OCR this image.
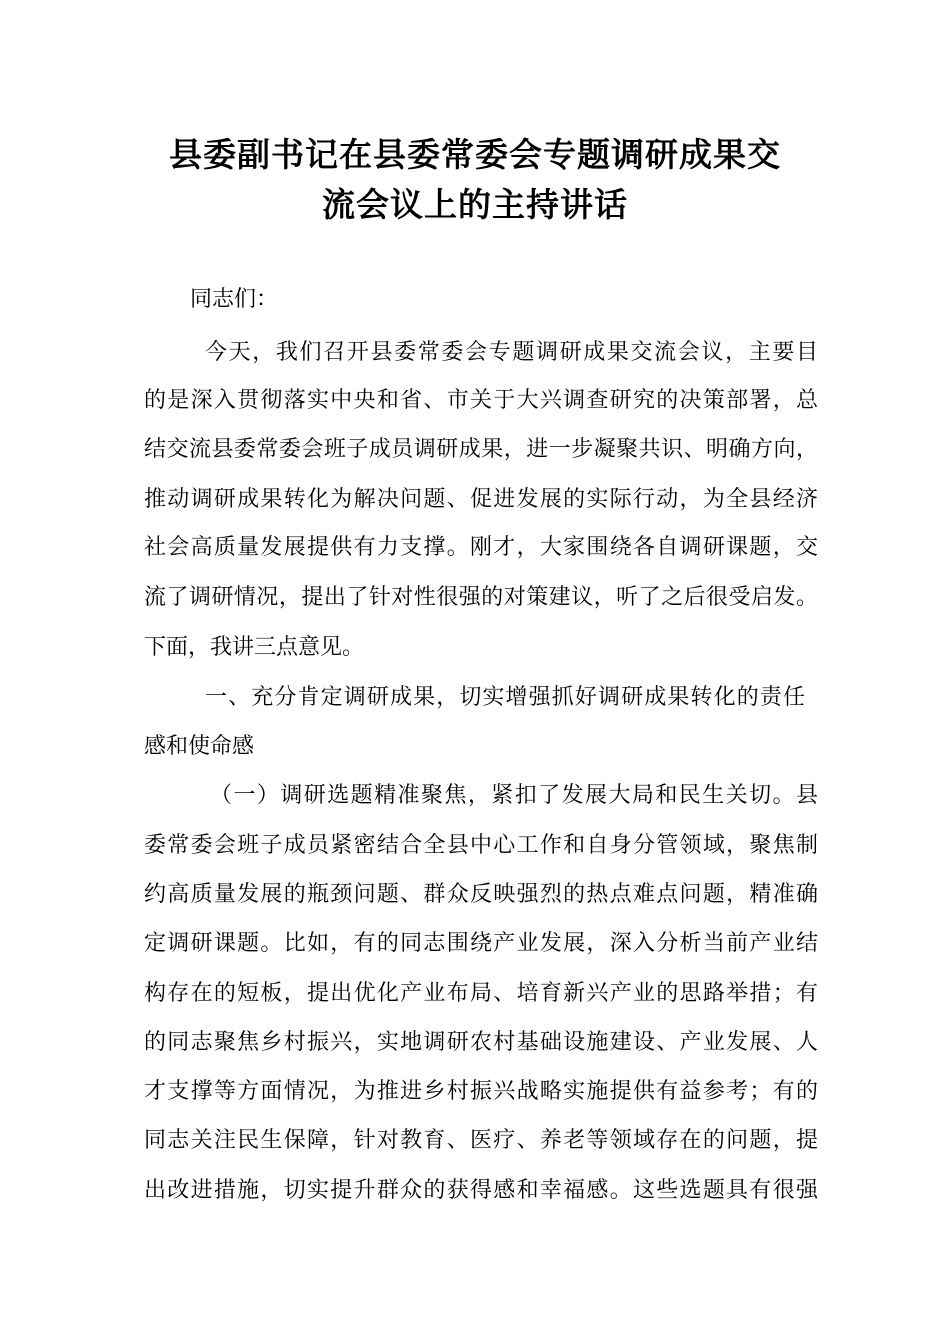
县委副书记在县委常委会专题调研成果交
流会议上的主持讲话
同志们：
今天，我们召开县委常委会专题调研成果交流会议，主要目
的是深入贯彻落实中央和省、市关于大兴调查研究的决策部署，总
结交流县委常委会班子成员调研成果，进一步凝聚共识、明确方向，
推动调研成果转化为解决问题、促进发展的实际行动，为全县经济
社会高质量发展提供有力支撑。刚才，大家围绕各自调研课题，交
流了调研情况，提出了针对性很强的对策建议，听了之后很受启发。
下面，我讲三点意见。
一、充分肯定调研成果，切实增强抓好调研成果转化的责任
感和使命感
（一）调研选题精准聚焦，紧扣了发展大局和民生关切。县
委常委会班子成员紧密结合全县中心工作和自身分管领域，聚焦制
约高质量发展的瓶颈问题、群众反映强烈的热点难点问题，精准确
定调研课题。比如，有的同志围绕产业发展，深入分析当前产业结
构存在的短板，提出优化产业布局、培育新兴产业的思路举措；有
的同志聚焦乡村振兴，实地调研农村基础设施建设、产业发展、人
才支撑等方面情况，为推进乡村振兴战略实施提供有益参考；有的
同志关注民生保障，针对教育、医疗、养老等领域存在的问题，提
出改进措施，切实提升群众的获得感和幸福感。这些选题具有很强
